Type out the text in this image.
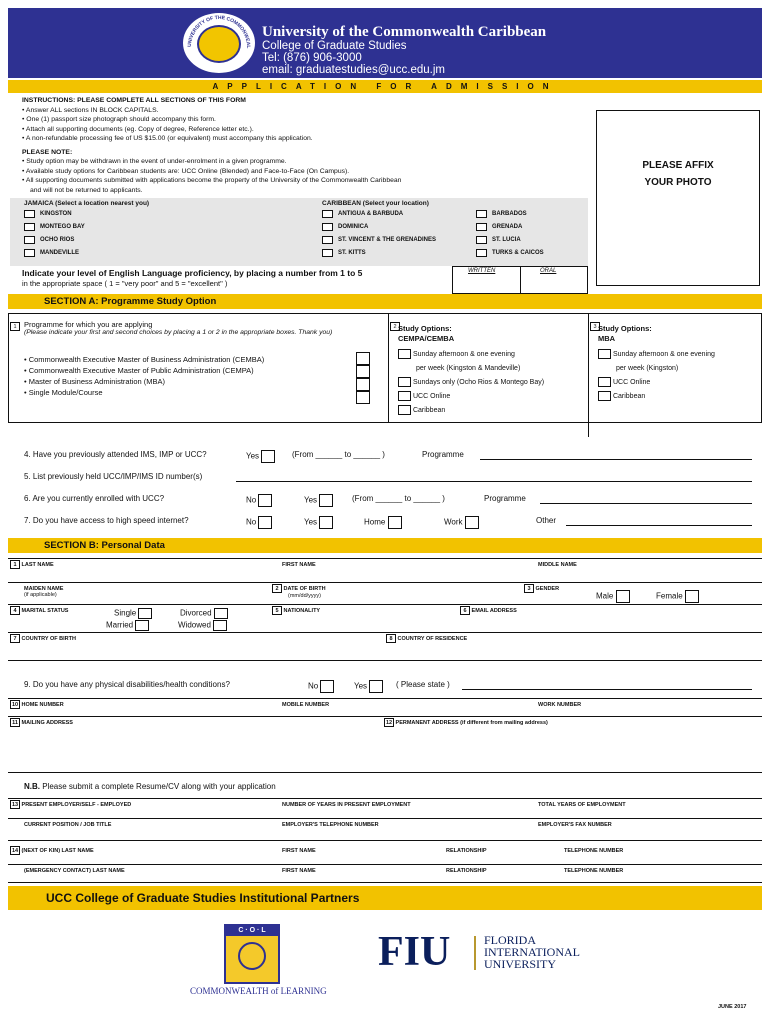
UNIVERSITY OF THE COMMONWEAL
University of the Commonwealth Caribbean
College of Graduate Studies
Tel: (876) 906-3000
email: graduatestudies@ucc.edu.jm
APPLICATION FOR ADMISSION
INSTRUCTIONS: PLEASE COMPLETE ALL SECTIONS OF THIS FORM
• Answer ALL sections IN BLOCK CAPITALS.
• One (1) passport size photograph should accompany this form.
• Attach all supporting documents (eg. Copy of degree, Reference letter etc.).
• A non-refundable processing fee of US $15.00 (or equivalent) must accompany this application.
PLEASE NOTE:
• Study option may be withdrawn in the event of under-enrolment in a given programme.
• Available study options for Caribbean students are: UCC Online (Blended) and Face-to-Face (On Campus).
• All supporting documents submitted with applications become the property of the University of the Commonwealth Caribbean
and will not be returned to applicants.
PLEASE AFFIX
YOUR PHOTO
JAMAICA (Select a location nearest you)
KINGSTON
MONTEGO BAY
OCHO RIOS
MANDEVILLE
CARIBBEAN (Select your location)
ANTIGUA & BARBUDA
DOMINICA
ST. VINCENT & THE GRENADINES
ST. KITTS
BARBADOS
GRENADA
ST. LUCIA
TURKS & CAICOS
Indicate your level of English Language proficiency, by placing a number from 1 to 5
in the appropriate space ( 1 = "very poor" and 5 = "excellent" )
WRITTEN	ORAL
SECTION A: Programme Study Option
1	2	3
Programme for which you are applying
(Please indicate your first and second choices by placing a 1 or 2 in the appropriate boxes. Thank you)
• Commonwealth Executive Master of Business Administration (CEMBA)
• Commonwealth Executive Master of Public Administration (CEMPA)
• Master of Business Administration (MBA)
• Single Module/Course
Study Options:
CEMPA/CEMBA
Sunday afternoon & one evening
per week (Kingston & Mandeville)
Sundays only (Ocho Rios & Montego Bay)
UCC Online
Caribbean
Study Options:
MBA
Sunday afternoon & one evening
per week (Kingston)
UCC Online
Caribbean
4. Have you previously attended IMS, IMP or UCC?	Yes	(From ______ to ______ )	Programme
5. List previously held UCC/IMP/IMS ID number(s)
6. Are you currently enrolled with UCC?	No	Yes	(From ______ to ______ )	Programme
7. Do you have access to high speed internet?	No	Yes	Home	Work	Other
SECTION B: Personal Data
1 LAST NAME	FIRST NAME	MIDDLE NAME
MAIDEN NAME
(if applicable)
2 DATE OF BIRTH
(mm/dd/yyyy)
3 GENDER
Male	Female
4 MARITAL STATUS	Single
Married
Divorced
Widowed
5 NATIONALITY	6 EMAIL ADDRESS
7 COUNTRY OF BIRTH	8 COUNTRY OF RESIDENCE
9. Do you have any physical disabilities/health conditions?	No	Yes	( Please state )
10 HOME NUMBER	MOBILE NUMBER	WORK NUMBER
11 MAILING ADDRESS	12 PERMANENT ADDRESS (if different from mailing address)
N.B. Please submit a complete Resume/CV along with your application
13 PRESENT EMPLOYER/SELF - EMPLOYED	NUMBER OF YEARS IN PRESENT EMPLOYMENT	TOTAL YEARS OF EMPLOYMENT
CURRENT POSITION / JOB TITLE	EMPLOYER'S TELEPHONE NUMBER	EMPLOYER'S FAX NUMBER
14 (NEXT OF KIN) LAST NAME	FIRST NAME	RELATIONSHIP	TELEPHONE NUMBER
(EMERGENCY CONTACT) LAST NAME	FIRST NAME	RELATIONSHIP	TELEPHONE NUMBER
UCC College of Graduate Studies Institutional Partners
C · O · L
COMMONWEALTH of LEARNING
FIU	FLORIDA
INTERNATIONAL
UNIVERSITY
JUNE 2017
